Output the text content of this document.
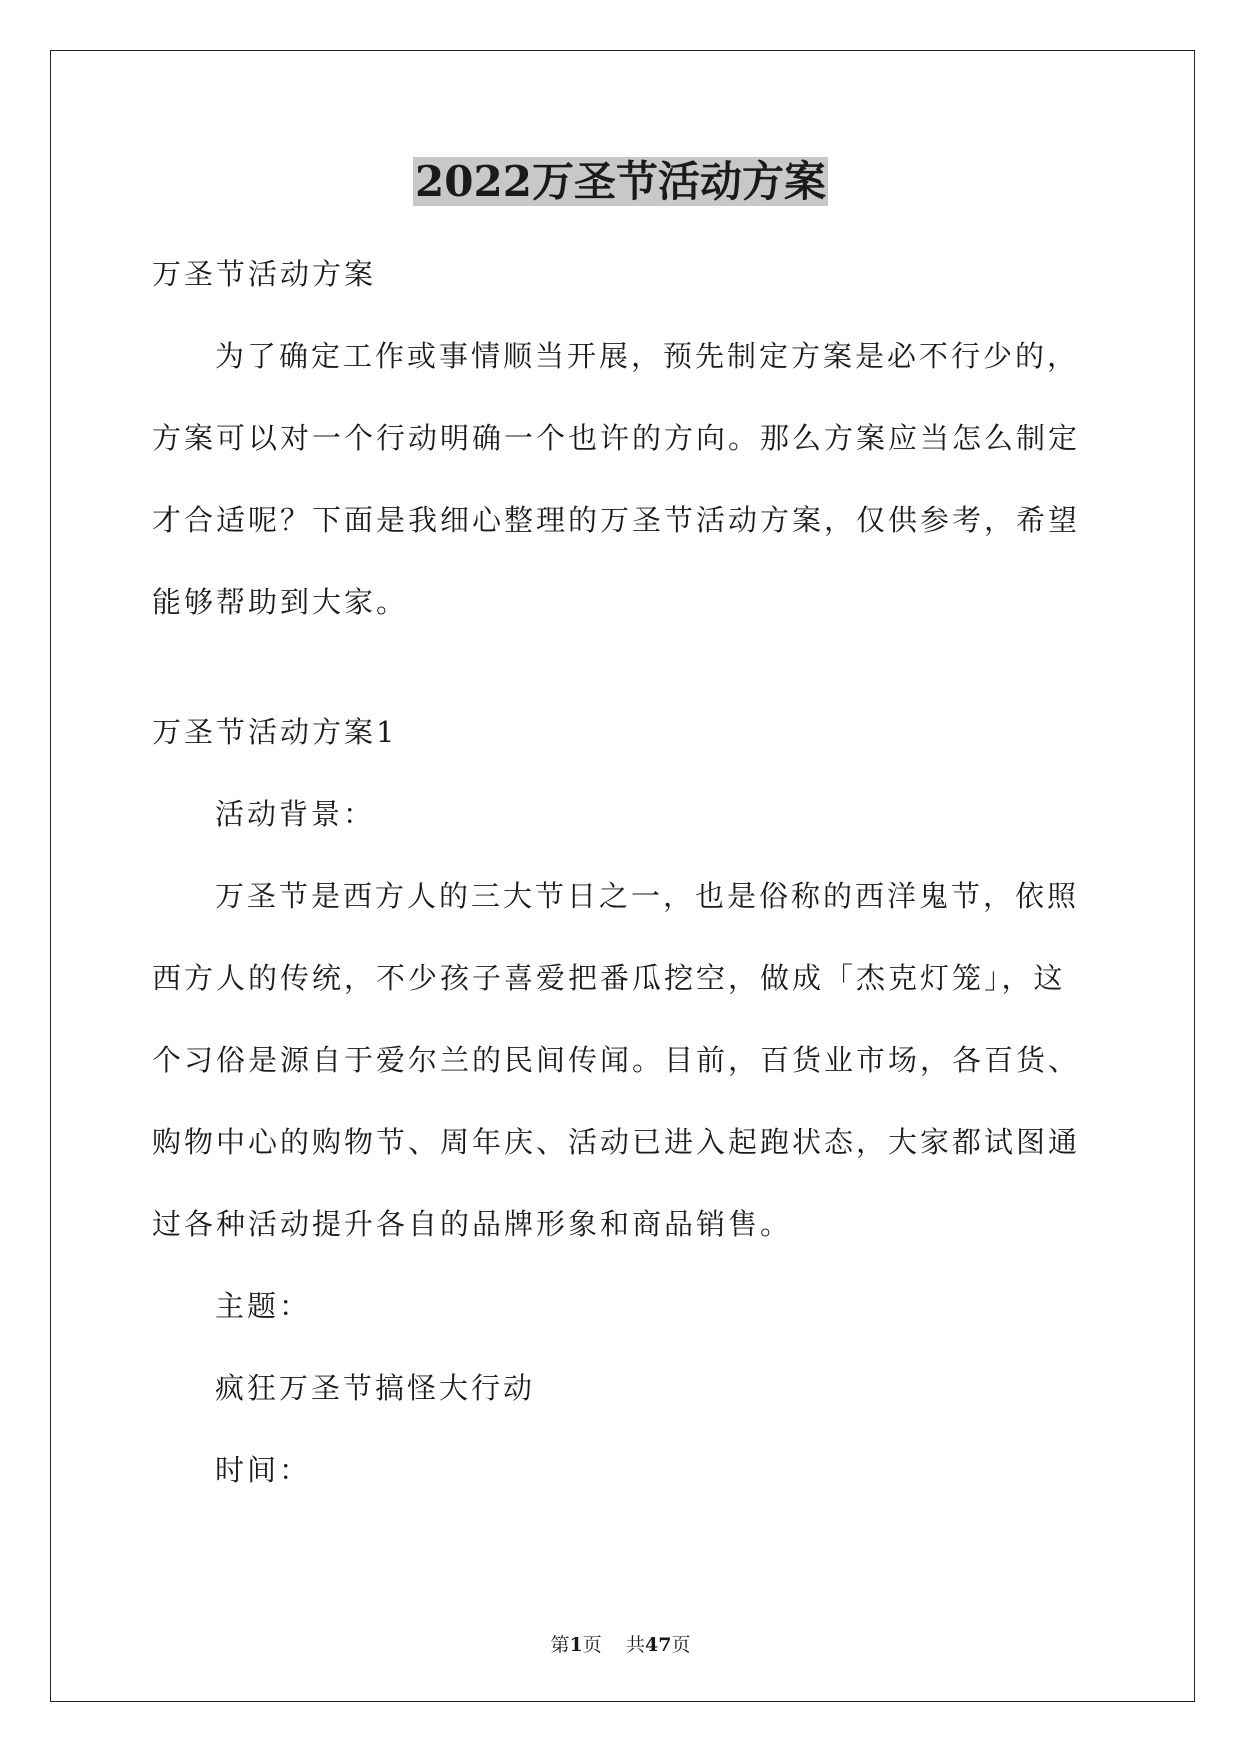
2022万圣节活动方案

万圣节活动方案

为了确定工作或事情顺当开展，预先制定方案是必不行少的，方案可以对一个行动明确一个也许的方向。那么方案应当怎么制定才合适呢？下面是我细心整理的万圣节活动方案，仅供参考，希望能够帮助到大家。

万圣节活动方案1

活动背景：

万圣节是西方人的三大节日之一，也是俗称的西洋鬼节，依照西方人的传统，不少孩子喜爱把番瓜挖空，做成「杰克灯笼」，这个习俗是源自于爱尔兰的民间传闻。目前，百货业市场，各百货、购物中心的购物节、周年庆、活动已进入起跑状态，大家都试图通过各种活动提升各自的品牌形象和商品销售。

主题：

疯狂万圣节搞怪大行动

时间：

第1页 共47页
